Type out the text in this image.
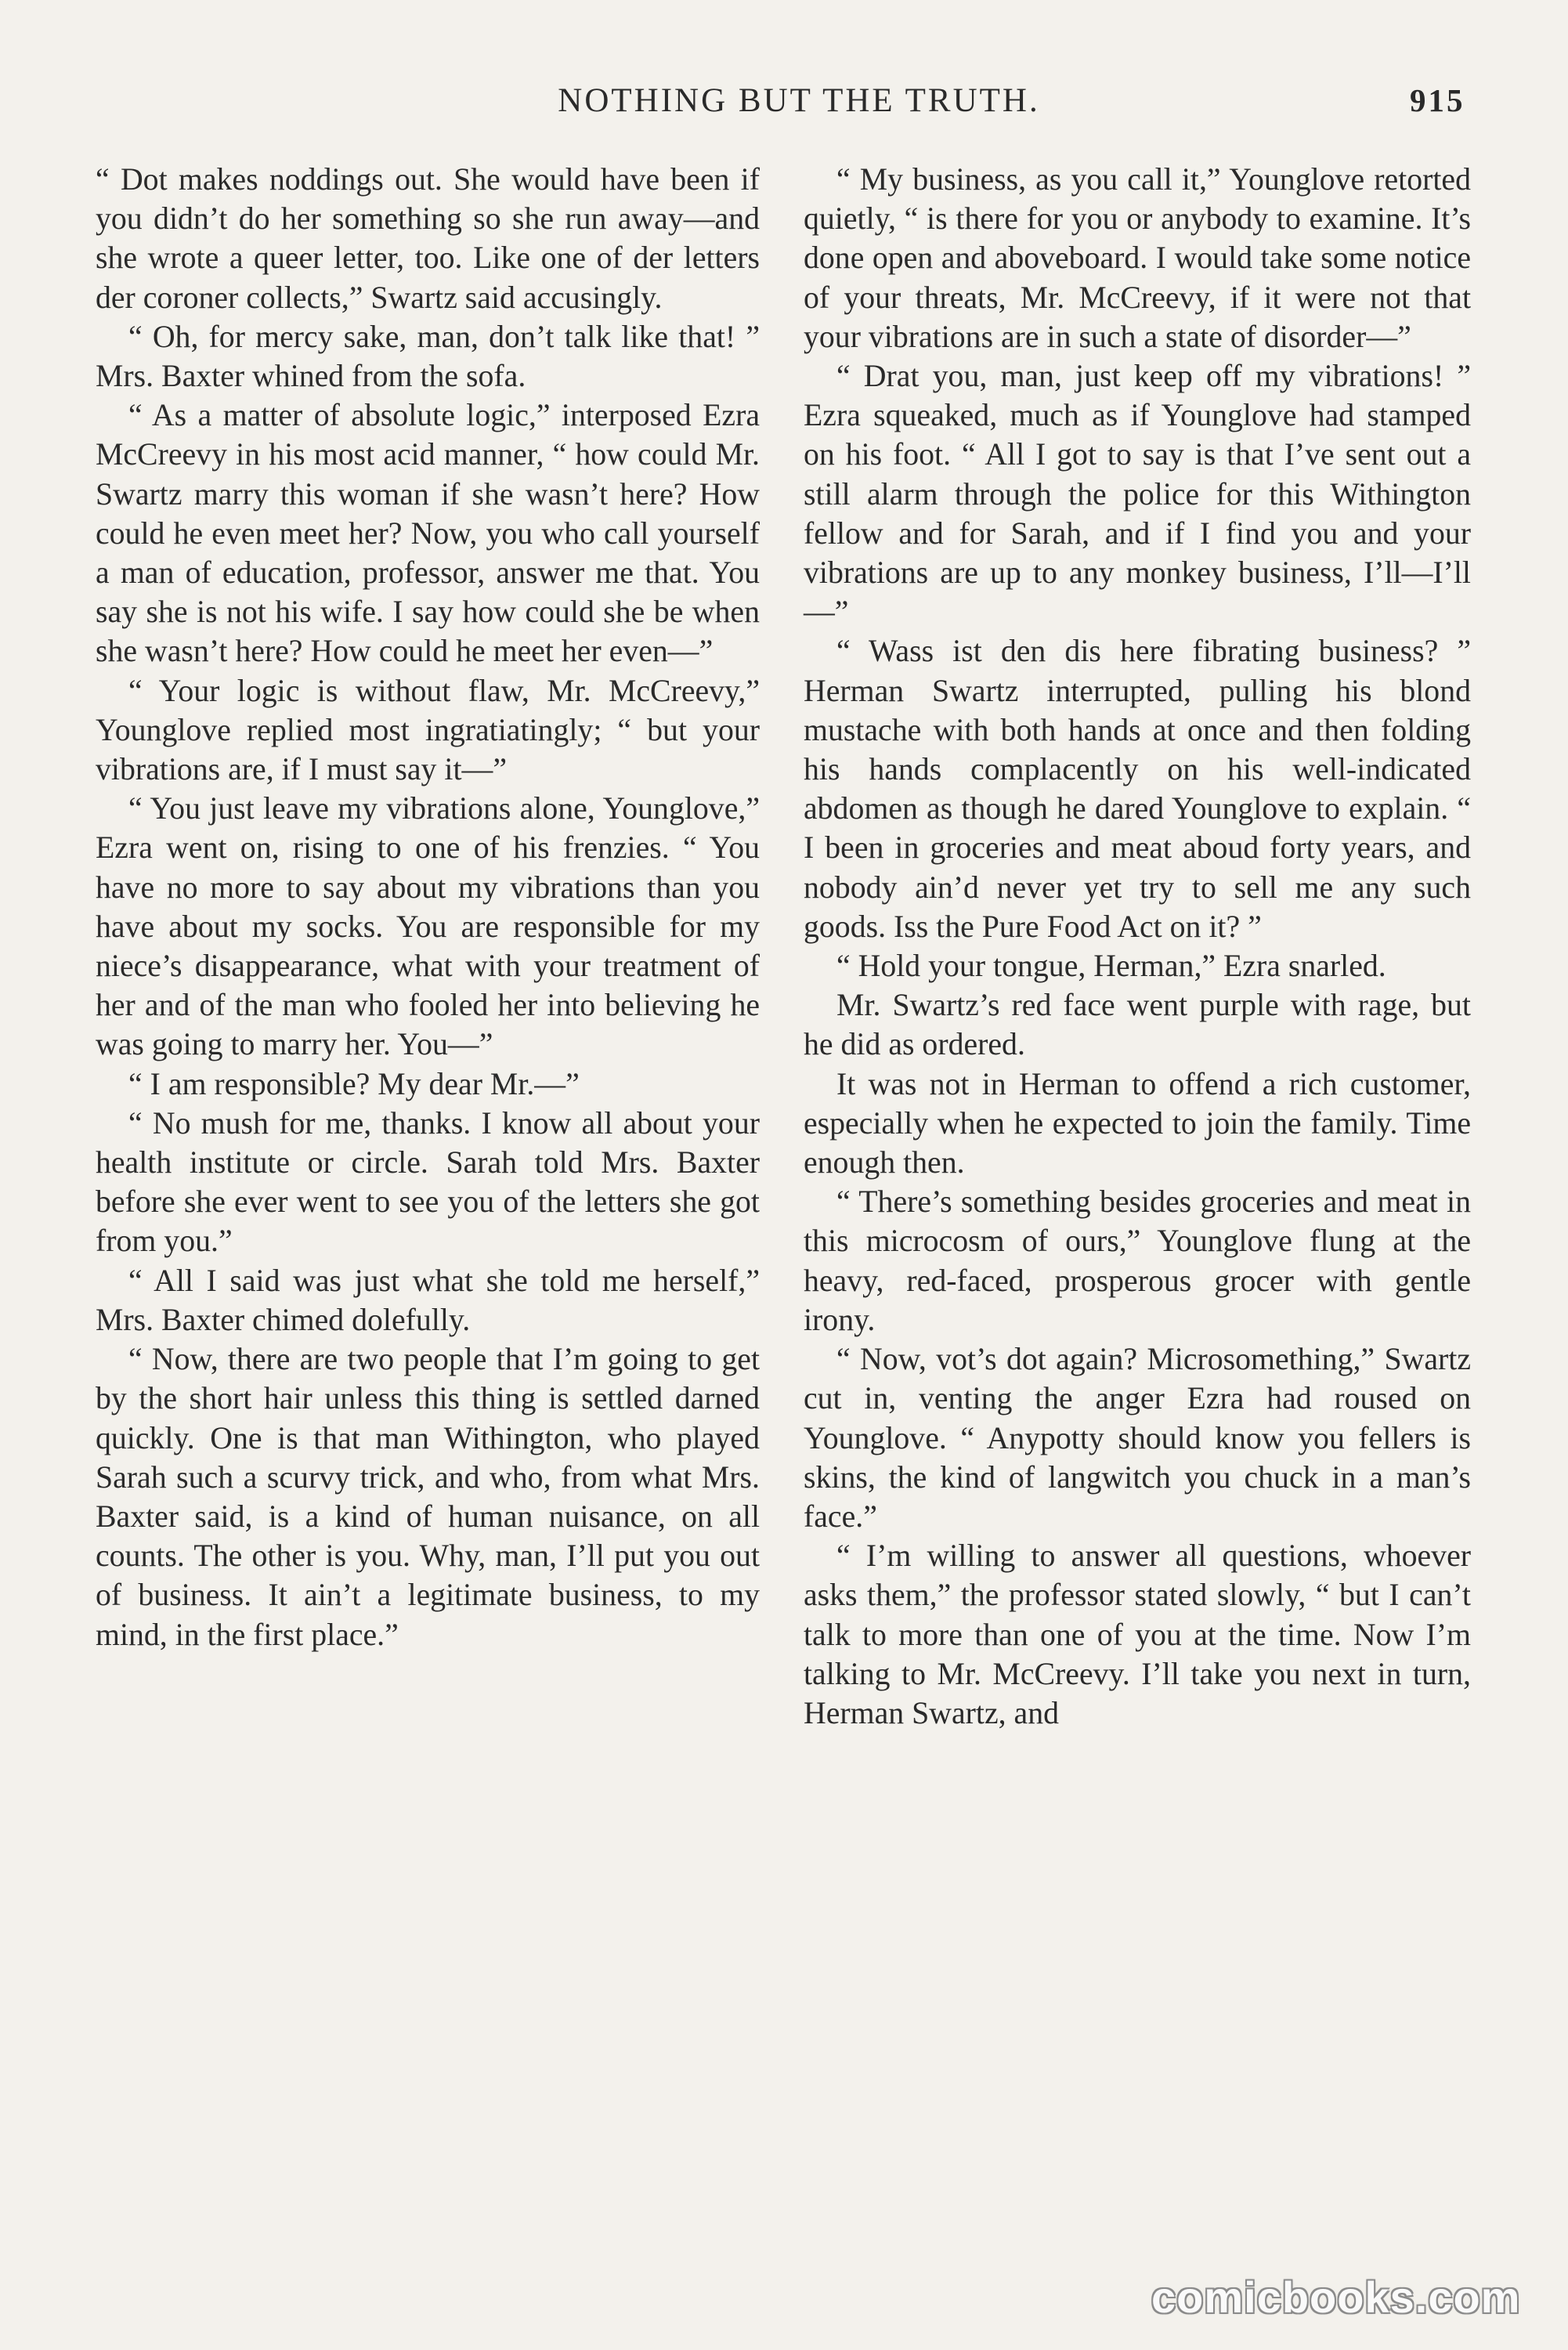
NOTHING BUT THE TRUTH.	915

“ Dot makes noddings out. She would have been if you didn’t do her something so she run away—and she wrote a queer letter, too. Like one of der letters der coroner collects,” Swartz said accusingly.

“ Oh, for mercy sake, man, don’t talk like that! ” Mrs. Baxter whined from the sofa.

“ As a matter of absolute logic,” interposed Ezra McCreevy in his most acid manner, “ how could Mr. Swartz marry this woman if she wasn’t here? How could he even meet her? Now, you who call yourself a man of education, professor, answer me that. You say she is not his wife. I say how could she be when she wasn’t here? How could he meet her even—”

“ Your logic is without flaw, Mr. McCreevy,” Younglove replied most ingratiatingly; “ but your vibrations are, if I must say it—”

“ You just leave my vibrations alone, Younglove,” Ezra went on, rising to one of his frenzies. “ You have no more to say about my vibrations than you have about my socks. You are responsible for my niece’s disappearance, what with your treatment of her and of the man who fooled her into believing he was going to marry her. You—”

“ I am responsible? My dear Mr.—”

“ No mush for me, thanks. I know all about your health institute or circle. Sarah told Mrs. Baxter before she ever went to see you of the letters she got from you.”

“ All I said was just what she told me herself,” Mrs. Baxter chimed dolefully.

“ Now, there are two people that I’m going to get by the short hair unless this thing is settled darned quickly. One is that man Withington, who played Sarah such a scurvy trick, and who, from what Mrs. Baxter said, is a kind of human nuisance, on all counts. The other is you. Why, man, I’ll put you out of business. It ain’t a legitimate business, to my mind, in the first place.”

“ My business, as you call it,” Younglove retorted quietly, “ is there for you or anybody to examine. It’s done open and aboveboard. I would take some notice of your threats, Mr. McCreevy, if it were not that your vibrations are in such a state of disorder—”

“ Drat you, man, just keep off my vibrations! ” Ezra squeaked, much as if Younglove had stamped on his foot. “ All I got to say is that I’ve sent out a still alarm through the police for this Withington fellow and for Sarah, and if I find you and your vibrations are up to any monkey business, I’ll—I’ll—”

“ Wass ist den dis here fibrating business? ” Herman Swartz interrupted, pulling his blond mustache with both hands at once and then folding his hands complacently on his well-indicated abdomen as though he dared Younglove to explain. “ I been in groceries and meat aboud forty years, and nobody ain’d never yet try to sell me any such goods. Iss the Pure Food Act on it? ”

“ Hold your tongue, Herman,” Ezra snarled.

Mr. Swartz’s red face went purple with rage, but he did as ordered.

It was not in Herman to offend a rich customer, especially when he expected to join the family. Time enough then.

“ There’s something besides groceries and meat in this microcosm of ours,” Younglove flung at the heavy, red-faced, prosperous grocer with gentle irony.

“ Now, vot’s dot again? Microsomething,” Swartz cut in, venting the anger Ezra had roused on Younglove. “ Anypotty should know you fellers is skins, the kind of langwitch you chuck in a man’s face.”

“ I’m willing to answer all questions, whoever asks them,” the professor stated slowly, “ but I can’t talk to more than one of you at the time. Now I’m talking to Mr. McCreevy. I’ll take you next in turn, Herman Swartz, and

comicbooks.com
